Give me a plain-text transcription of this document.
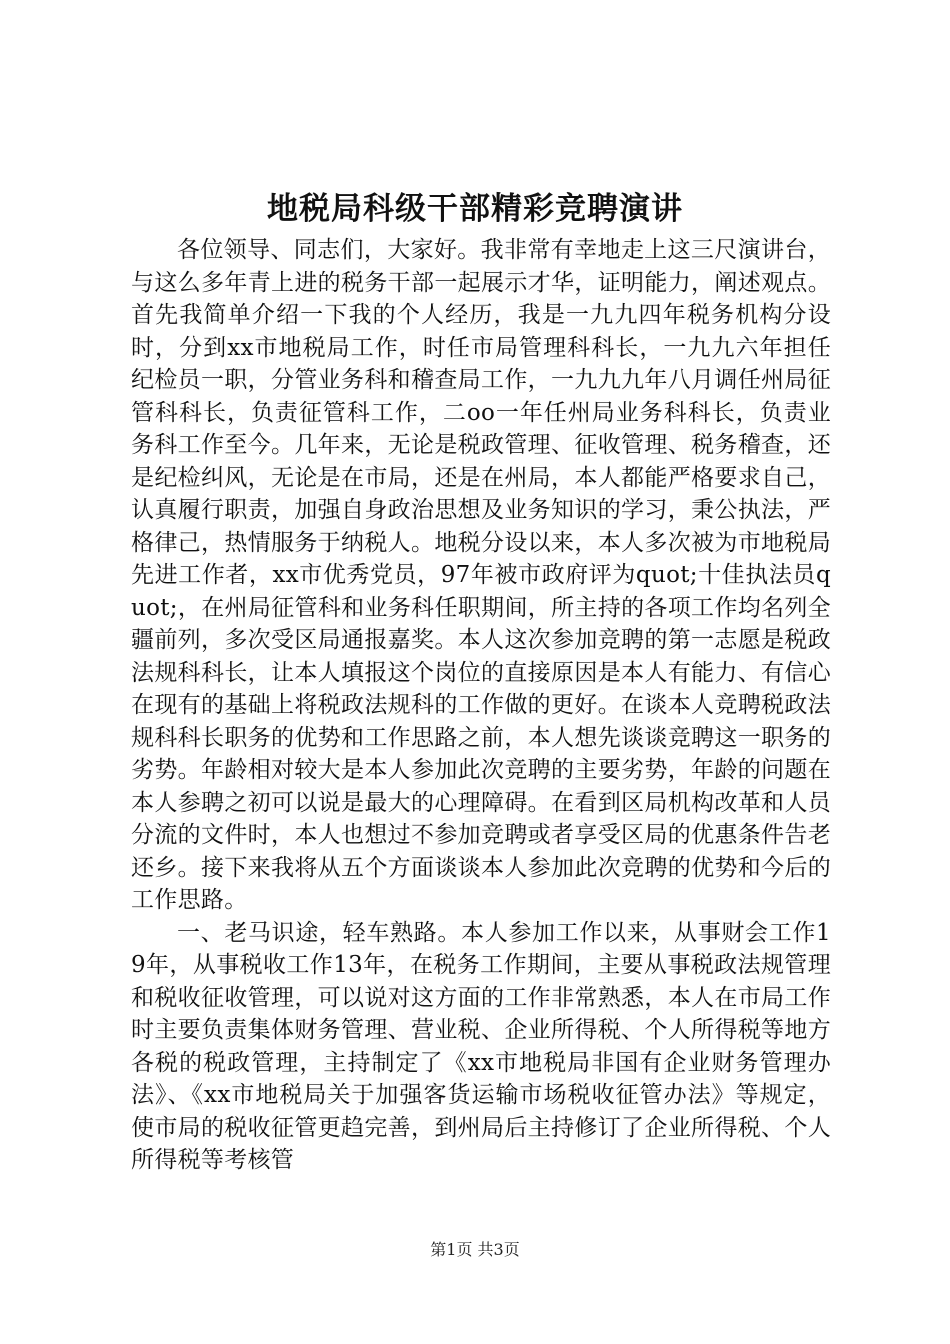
地税局科级干部精彩竞聘演讲

各位领导、同志们，大家好。我非常有幸地走上这三尺演讲台，与这么多年青上进的税务干部一起展示才华，证明能力，阐述观点。首先我简单介绍一下我的个人经历，我是一九九四年税务机构分设时，分到xx市地税局工作，时任市局管理科科长，一九九六年担任纪检员一职，分管业务科和稽查局工作，一九九九年八月调任州局征管科科长，负责征管科工作，二oo一年任州局业务科科长，负责业务科工作至今。几年来，无论是税政管理、征收管理、税务稽查，还是纪检纠风，无论是在市局，还是在州局，本人都能严格要求自己，认真履行职责，加强自身政治思想及业务知识的学习，秉公执法，严格律己，热情服务于纳税人。地税分设以来，本人多次被为市地税局先进工作者，xx市优秀党员，97年被市政府评为quot;十佳执法员quot;，在州局征管科和业务科任职期间，所主持的各项工作均名列全疆前列，多次受区局通报嘉奖。本人这次参加竞聘的第一志愿是税政法规科科长，让本人填报这个岗位的直接原因是本人有能力、有信心在现有的基础上将税政法规科的工作做的更好。在谈本人竞聘税政法规科科长职务的优势和工作思路之前，本人想先谈谈竞聘这一职务的劣势。年龄相对较大是本人参加此次竞聘的主要劣势，年龄的问题在本人参聘之初可以说是最大的心理障碍。在看到区局机构改革和人员分流的文件时，本人也想过不参加竞聘或者享受区局的优惠条件告老还乡。接下来我将从五个方面谈谈本人参加此次竞聘的优势和今后的工作思路。

一、老马识途，轻车熟路。本人参加工作以来，从事财会工作19年，从事税收工作13年，在税务工作期间，主要从事税政法规管理和税收征收管理，可以说对这方面的工作非常熟悉，本人在市局工作时主要负责集体财务管理、营业税、企业所得税、个人所得税等地方各税的税政管理，主持制定了《xx市地税局非国有企业财务管理办法》、《xx市地税局关于加强客货运输市场税收征管办法》等规定，使市局的税收征管更趋完善，到州局后主持修订了企业所得税、个人所得税等考核管

第1页 共3页
